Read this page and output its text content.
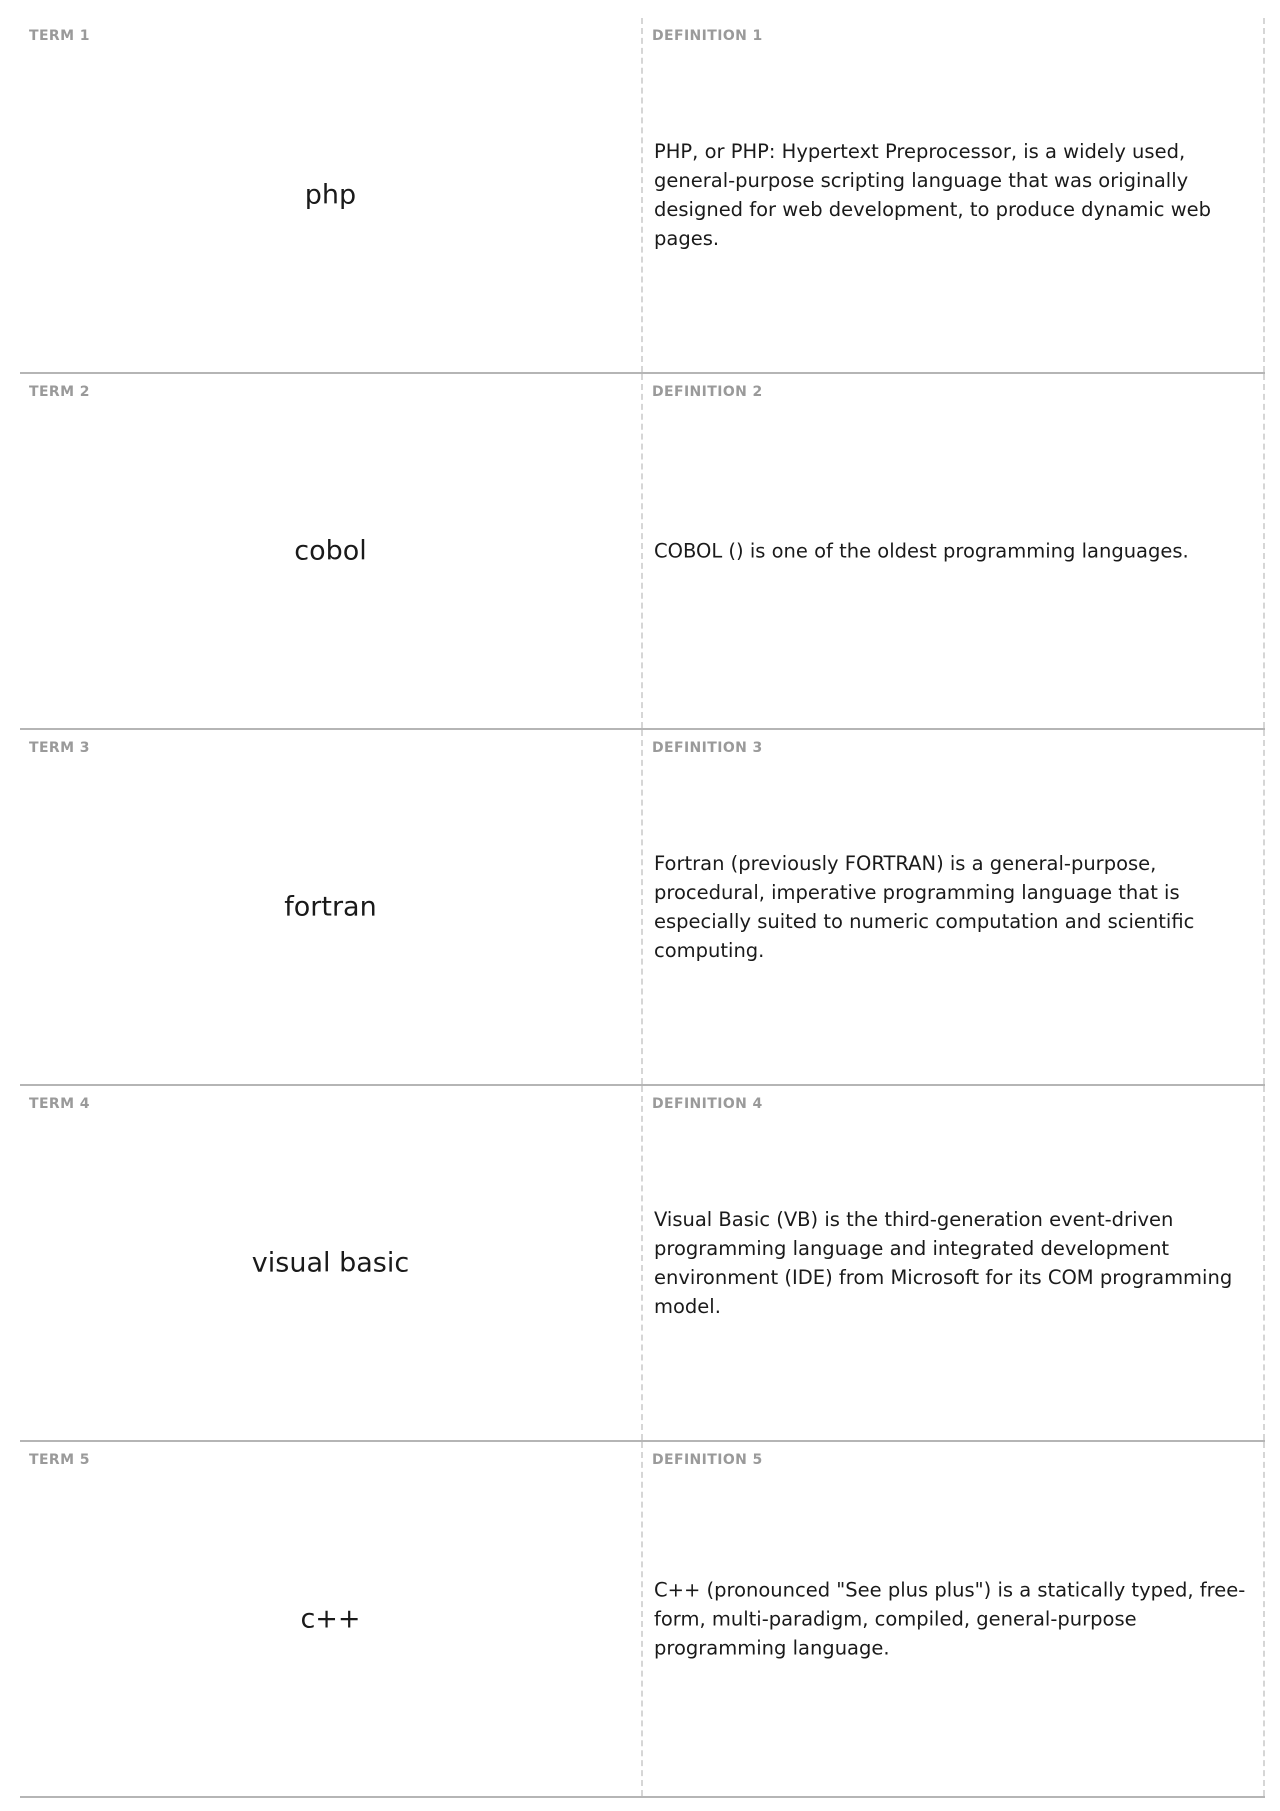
TERM 1
php
DEFINITION 1
PHP, or PHP: Hypertext Preprocessor, is a widely used, general-purpose scripting language that was originally designed for web development, to produce dynamic web pages.
TERM 2
cobol
DEFINITION 2
COBOL () is one of the oldest programming languages.
TERM 3
fortran
DEFINITION 3
Fortran (previously FORTRAN) is a general-purpose, procedural, imperative programming language that is especially suited to numeric computation and scientific computing.
TERM 4
visual basic
DEFINITION 4
Visual Basic (VB) is the third-generation event-driven programming language and integrated development environment (IDE) from Microsoft for its COM programming model.
TERM 5
c++
DEFINITION 5
C++ (pronounced "See plus plus") is a statically typed, free-form, multi-paradigm, compiled, general-purpose programming language.
